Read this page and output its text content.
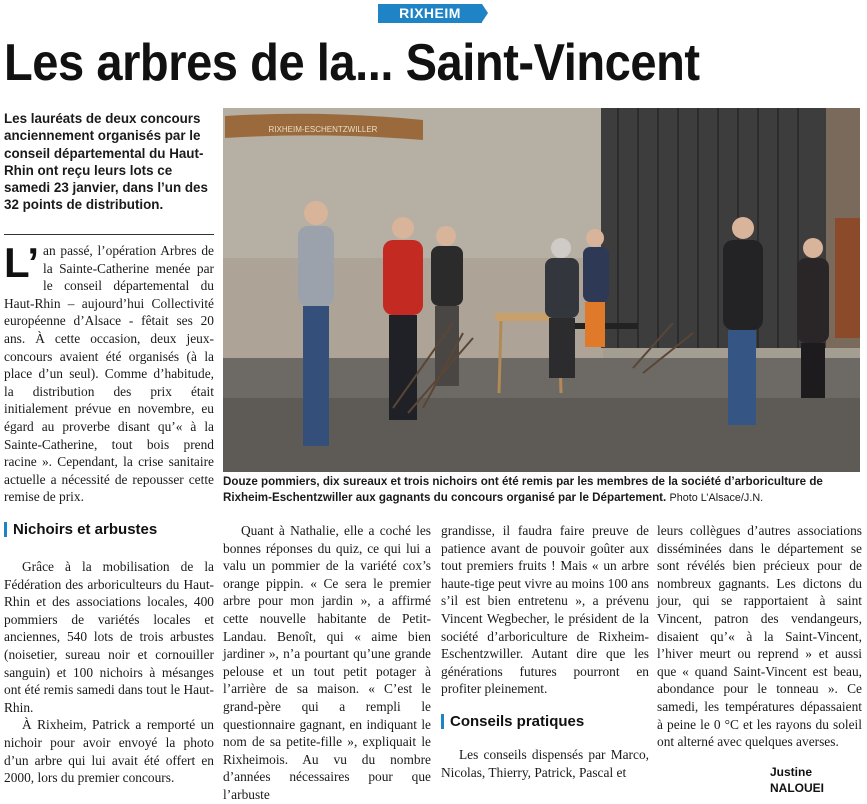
RIXHEIM
Les arbres de la... Saint-Vincent
Les lauréats de deux concours anciennement organisés par le conseil départemental du Haut-Rhin ont reçu leurs lots ce samedi 23 janvier, dans l’un des 32 points de distribution.

L’ an passé, l’opération Arbres de la Sainte-Catherine menée par le conseil départemental du Haut-Rhin – aujourd’hui Collectivité européenne d’Alsace - fêtait ses 20 ans. À cette occasion, deux jeux-concours avaient été organisés (à la place d’un seul). Comme d’habitude, la distribution des prix était initialement prévue en novembre, eu égard au proverbe disant qu’« à la Sainte-Catherine, tout bois prend racine ». Cependant, la crise sanitaire actuelle a nécessité de repousser cette remise de prix.

RIXHEIM-ESCHENTZWILLER
Douze pommiers, dix sureaux et trois nichoirs ont été remis par les membres de la société d’arboriculture de Rixheim-Eschentzwiller aux gagnants du concours organisé par le Département. Photo L’Alsace/J.N.
Nichoirs et arbustes

Grâce à la mobilisation de la Fédération des arboriculteurs du Haut-Rhin et des associations locales, 400 pommiers de variétés locales et anciennes, 540 lots de trois arbustes (noisetier, sureau noir et cornouiller sanguin) et 100 nichoirs à mésanges ont été remis samedi dans tout le Haut-Rhin.

À Rixheim, Patrick a remporté un nichoir pour avoir envoyé la photo d’un arbre qui lui avait été offert en 2000, lors du premier concours.

Quant à Nathalie, elle a coché les bonnes réponses du quiz, ce qui lui a valu un pommier de la variété cox’s orange pippin. « Ce sera le premier arbre pour mon jardin », a affirmé cette nouvelle habitante de Petit-Landau. Benoît, qui « aime bien jardiner », n’a pourtant qu’une grande pelouse et un tout petit potager à l’arrière de sa maison. « C’est le grand-père qui a rempli le questionnaire gagnant, en indiquant le nom de sa petite-fille », expliquait le Rixheimois. Au vu du nombre d’années nécessaires pour que l’arbuste

grandisse, il faudra faire preuve de patience avant de pouvoir goûter aux tout premiers fruits ! Mais « un arbre haute-tige peut vivre au moins 100 ans s’il est bien entretenu », a prévenu Vincent Wegbecher, le président de la société d’arboriculture de Rixheim-Eschentzwiller. Autant dire que les générations futures pourront en profiter pleinement.

Conseils pratiques

Les conseils dispensés par Marco, Nicolas, Thierry, Patrick, Pascal et

leurs collègues d’autres associations disséminées dans le département se sont révélés bien précieux pour de nombreux gagnants. Les dictons du jour, qui se rapportaient à saint Vincent, patron des vendangeurs, disaient qu’« à la Saint-Vincent, l’hiver meurt ou reprend » et aussi que « quand Saint-Vincent est beau, abondance pour le tonneau ». Ce samedi, les températures dépassaient à peine le 0 °C et les rayons du soleil ont alterné avec quelques averses.

Justine NALOUEI
